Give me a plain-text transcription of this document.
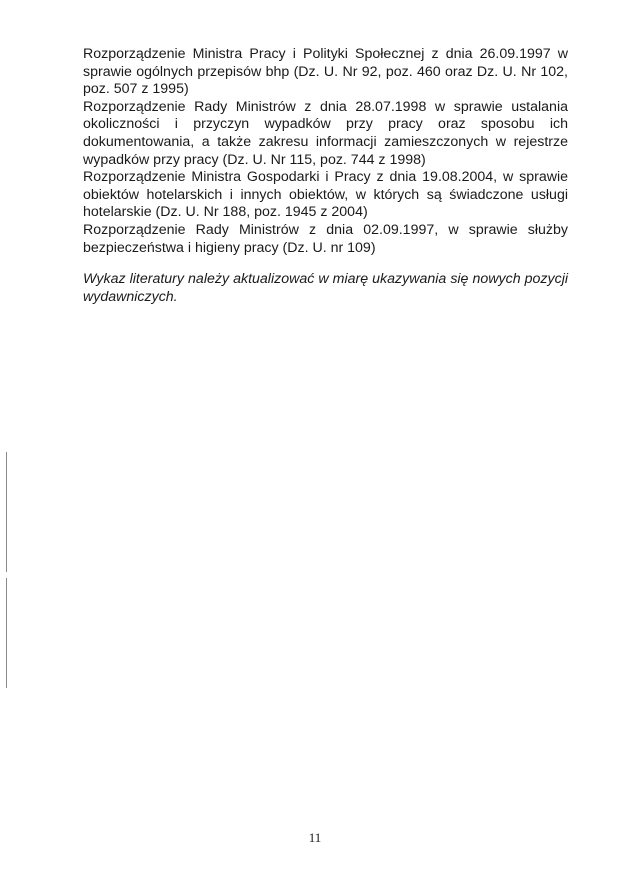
Rozporządzenie Ministra Pracy i Polityki Społecznej z dnia 26.09.1997 w sprawie ogólnych przepisów bhp (Dz. U. Nr 92, poz. 460 oraz Dz. U. Nr 102, poz. 507 z 1995)

Rozporządzenie Rady Ministrów z dnia 28.07.1998 w sprawie ustalania okoliczności i przyczyn wypadków przy pracy oraz sposobu ich dokumentowania, a także zakresu informacji zamieszczonych w rejestrze wypadków przy pracy (Dz. U. Nr 115, poz. 744 z 1998)

Rozporządzenie Ministra Gospodarki i Pracy z dnia 19.08.2004, w sprawie obiektów hotelarskich i innych obiektów, w których są świadczone usługi hotelarskie (Dz. U. Nr 188, poz. 1945 z 2004)

Rozporządzenie Rady Ministrów z dnia 02.09.1997, w sprawie służby bezpieczeństwa i higieny pracy (Dz. U. nr 109)

Wykaz literatury należy aktualizować w miarę ukazywania się nowych pozycji wydawniczych.

11
